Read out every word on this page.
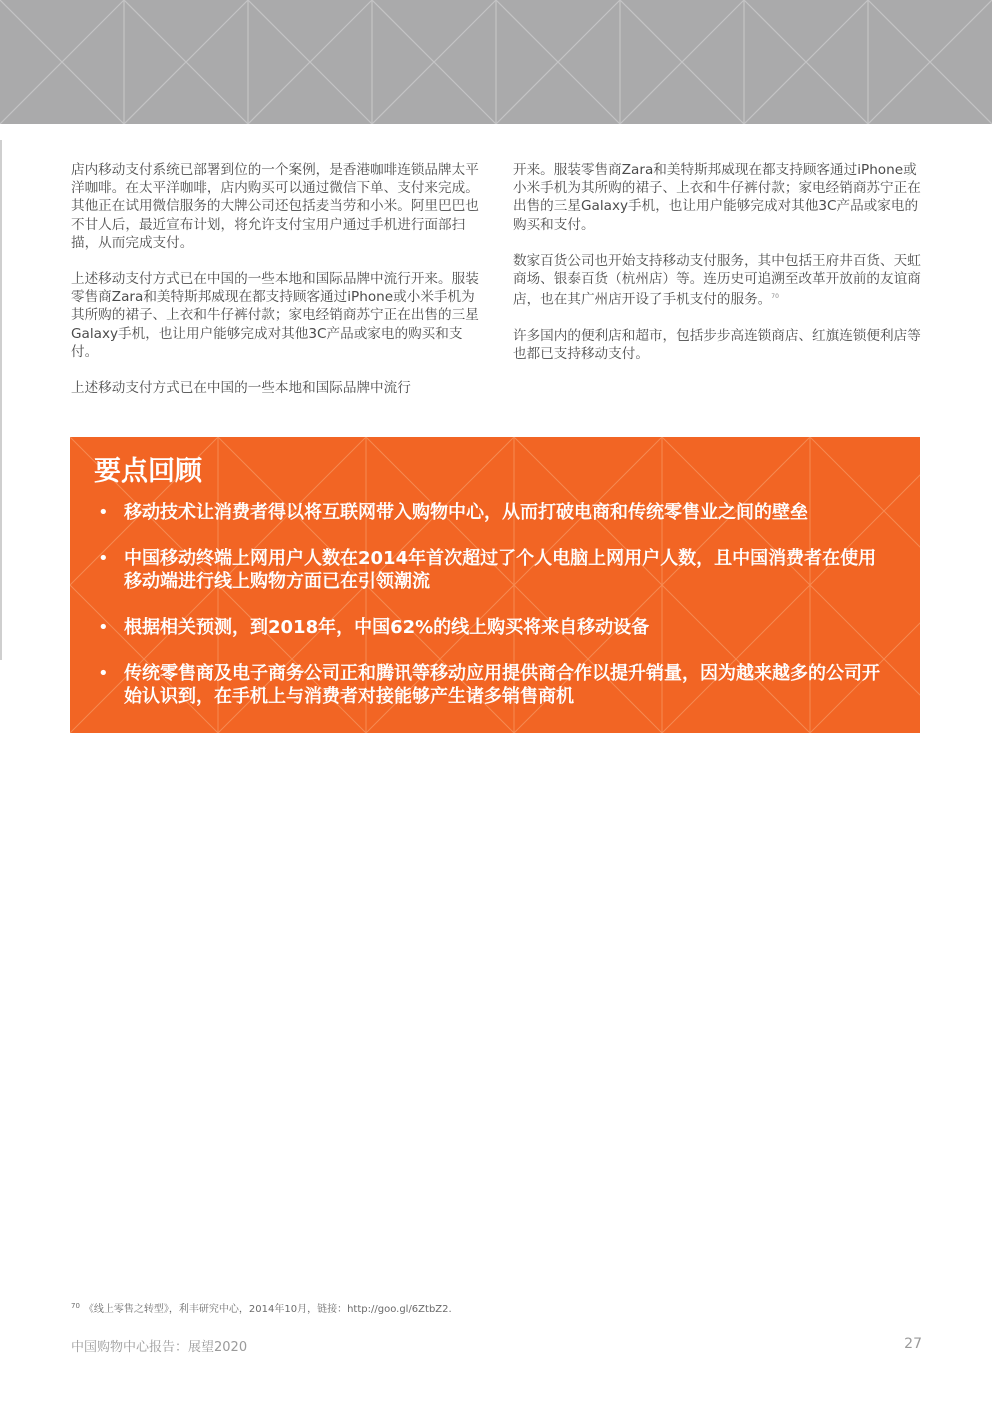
店内移动支付系统已部署到位的一个案例，是香港咖啡连锁品牌太平洋咖啡。在太平洋咖啡，店内购买可以通过微信下单、支付来完成。其他正在试用微信服务的大牌公司还包括麦当劳和小米。阿里巴巴也不甘人后，最近宣布计划，将允许支付宝用户通过手机进行面部扫描，从而完成支付。

上述移动支付方式已在中国的一些本地和国际品牌中流行开来。服装零售商Zara和美特斯邦威现在都支持顾客通过iPhone或小米手机为其所购的裙子、上衣和牛仔裤付款；家电经销商苏宁正在出售的三星Galaxy手机，也让用户能够完成对其他3C产品或家电的购买和支付。

上述移动支付方式已在中国的一些本地和国际品牌中流行

开来。服装零售商Zara和美特斯邦威现在都支持顾客通过iPhone或小米手机为其所购的裙子、上衣和牛仔裤付款；家电经销商苏宁正在出售的三星Galaxy手机，也让用户能够完成对其他3C产品或家电的购买和支付。

数家百货公司也开始支持移动支付服务，其中包括王府井百货、天虹商场、银泰百货（杭州店）等。连历史可追溯至改革开放前的友谊商店，也在其广州店开设了手机支付的服务。$^{70}$

许多国内的便利店和超市，包括步步高连锁商店、红旗连锁便利店等也都已支持移动支付。

要点回顾
• 移动技术让消费者得以将互联网带入购物中心，从而打破电商和传统零售业之间的壁垒
• 中国移动终端上网用户人数在2014年首次超过了个人电脑上网用户人数，且中国消费者在使用移动端进行线上购物方面已在引领潮流
• 根据相关预测，到2018年，中国62%的线上购买将来自移动设备
• 传统零售商及电子商务公司正和腾讯等移动应用提供商合作以提升销量，因为越来越多的公司开始认识到，在手机上与消费者对接能够产生诸多销售商机
$^{70}$ 《线上零售之转型》，利丰研究中心，2014年10月，链接：http://goo.gl/6ZtbZ2.
中国购物中心报告：展望2020	27
